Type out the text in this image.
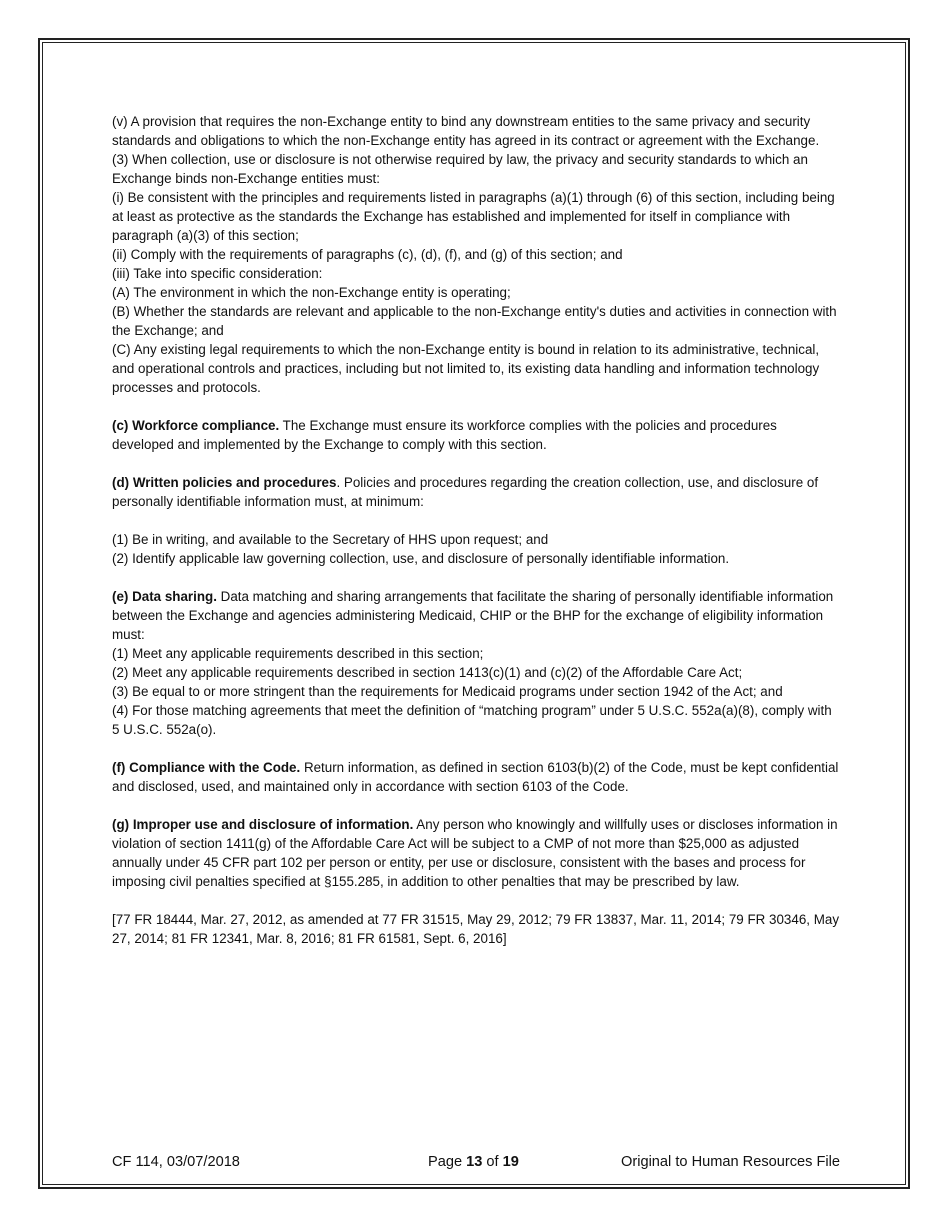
(v) A provision that requires the non-Exchange entity to bind any downstream entities to the same privacy and security standards and obligations to which the non-Exchange entity has agreed in its contract or agreement with the Exchange.

(3) When collection, use or disclosure is not otherwise required by law, the privacy and security standards to which an Exchange binds non-Exchange entities must:

(i) Be consistent with the principles and requirements listed in paragraphs (a)(1) through (6) of this section, including being at least as protective as the standards the Exchange has established and implemented for itself in compliance with paragraph (a)(3) of this section;

(ii) Comply with the requirements of paragraphs (c), (d), (f), and (g) of this section; and

(iii) Take into specific consideration:

(A) The environment in which the non-Exchange entity is operating;

(B) Whether the standards are relevant and applicable to the non-Exchange entity's duties and activities in connection with the Exchange; and

(C) Any existing legal requirements to which the non-Exchange entity is bound in relation to its administrative, technical, and operational controls and practices, including but not limited to, its existing data handling and information technology processes and protocols.

(c) Workforce compliance. The Exchange must ensure its workforce complies with the policies and procedures developed and implemented by the Exchange to comply with this section.

(d) Written policies and procedures. Policies and procedures regarding the creation collection, use, and disclosure of personally identifiable information must, at minimum:

(1) Be in writing, and available to the Secretary of HHS upon request; and

(2) Identify applicable law governing collection, use, and disclosure of personally identifiable information.

(e) Data sharing. Data matching and sharing arrangements that facilitate the sharing of personally identifiable information between the Exchange and agencies administering Medicaid, CHIP or the BHP for the exchange of eligibility information must:

(1) Meet any applicable requirements described in this section;

(2) Meet any applicable requirements described in section 1413(c)(1) and (c)(2) of the Affordable Care Act;

(3) Be equal to or more stringent than the requirements for Medicaid programs under section 1942 of the Act; and

(4) For those matching agreements that meet the definition of “matching program” under 5 U.S.C. 552a(a)(8), comply with 5 U.S.C. 552a(o).

(f) Compliance with the Code. Return information, as defined in section 6103(b)(2) of the Code, must be kept confidential and disclosed, used, and maintained only in accordance with section 6103 of the Code.

(g) Improper use and disclosure of information. Any person who knowingly and willfully uses or discloses information in violation of section 1411(g) of the Affordable Care Act will be subject to a CMP of not more than $25,000 as adjusted annually under 45 CFR part 102 per person or entity, per use or disclosure, consistent with the bases and process for imposing civil penalties specified at §155.285, in addition to other penalties that may be prescribed by law.

[77 FR 18444, Mar. 27, 2012, as amended at 77 FR 31515, May 29, 2012; 79 FR 13837, Mar. 11, 2014; 79 FR 30346, May 27, 2014; 81 FR 12341, Mar. 8, 2016; 81 FR 61581, Sept. 6, 2016]

CF 114, 03/07/2018	Page 13 of 19	Original to Human Resources File
